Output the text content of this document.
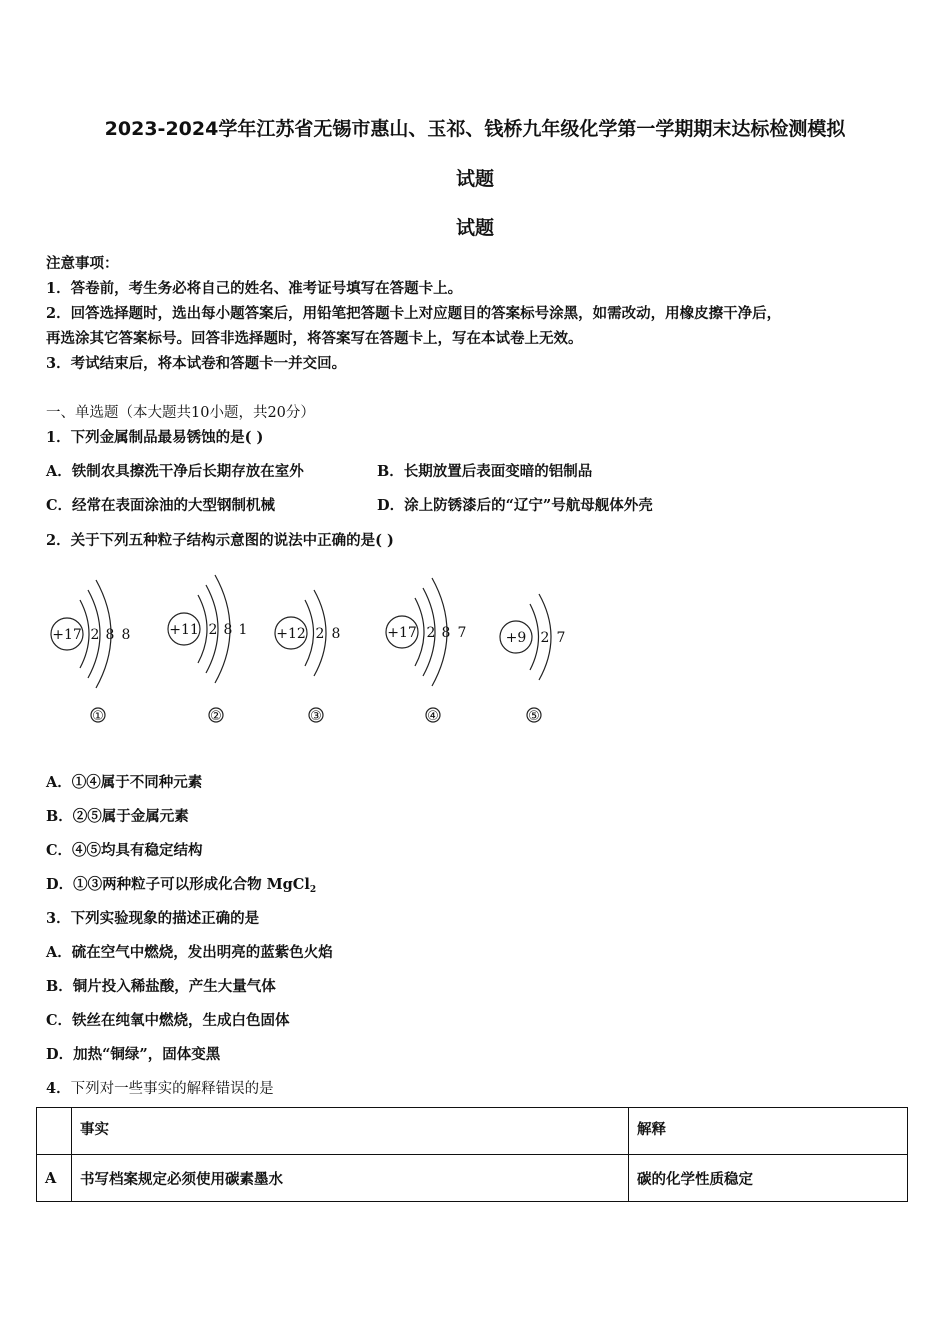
2023-2024学年江苏省无锡市惠山、玉祁、钱桥九年级化学第一学期期末达标检测模拟
试题
试题
注意事项：
1．答卷前，考生务必将自己的姓名、准考证号填写在答题卡上。
2．回答选择题时，选出每小题答案后，用铅笔把答题卡上对应题目的答案标号涂黑，如需改动，用橡皮擦干净后，
再选涂其它答案标号。回答非选择题时，将答案写在答题卡上，写在本试卷上无效。
3．考试结束后，将本试卷和答题卡一并交回。
一、单选题（本大题共10小题，共20分）
1．下列金属制品最易锈蚀的是( )
A．铁制农具擦洗干净后长期存放在室外	B．长期放置后表面变暗的铝制品
C．经常在表面涂油的大型钢制机械	D．涂上防锈漆后的“辽宁”号航母舰体外壳
2．关于下列五种粒子结构示意图的说法中正确的是( )
+17 2 8 8	+11 2 8 1 +12 2 8	+17 2 8 7	+9 2 7
①	②	③	④	⑤
A．①④属于不同种元素
B．②⑤属于金属元素
C．④⑤均具有稳定结构
D．①③两种粒子可以形成化合物 MgCl$_2$
3．下列实验现象的描述正确的是
A．硫在空气中燃烧，发出明亮的蓝紫色火焰
B．铜片投入稀盐酸，产生大量气体
C．铁丝在纯氧中燃烧，生成白色固体
D．加热“铜绿”，固体变黑
4．下列对一些事实的解释错误的是
	事实	解释
A	书写档案规定必须使用碳素墨水	碳的化学性质稳定
